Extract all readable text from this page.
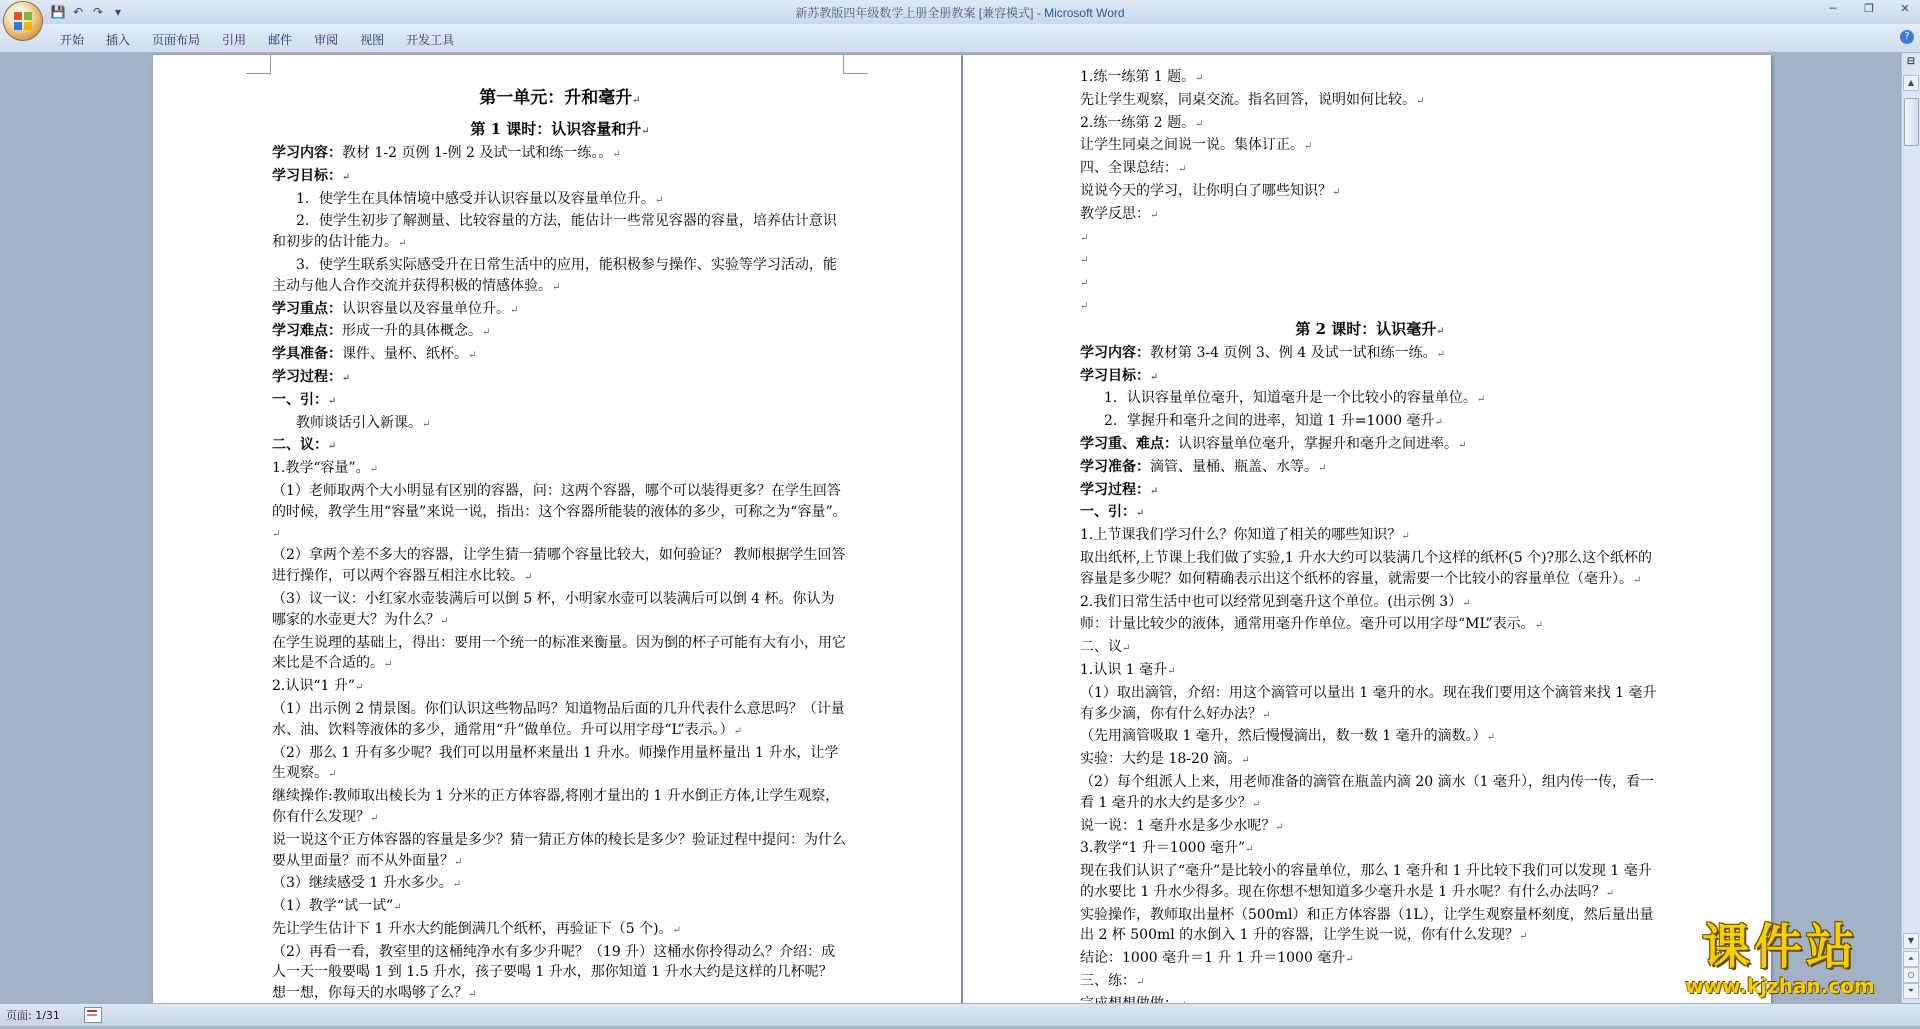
💾 ↶ ↷ ▾	新苏教版四年级数学上册全册教案 [兼容模式] - Microsoft Word	─	❐	✕
开始	插入	页面布局	引用	邮件	审阅	视图	开发工具	?

第一单元：升和毫升↵

第 1 课时：认识容量和升↵

学习内容：教材 1-2 页例 1-例 2 及试一试和练一练。。↵

学习目标：↵

1．使学生在具体情境中感受并认识容量以及容量单位升。↵

2．使学生初步了解测量、比较容量的方法，能估计一些常见容器的容量，培养估计意识和初步的估计能力。↵

3．使学生联系实际感受升在日常生活中的应用，能积极参与操作、实验等学习活动，能主动与他人合作交流并获得积极的情感体验。↵

学习重点：认识容量以及容量单位升。↵

学习难点：形成一升的具体概念。↵

学具准备：课件、量杯、纸杯。↵

学习过程：↵

一、引：↵

教师谈话引入新课。↵

二、议：↵

1.教学“容量”。↵

（1）老师取两个大小明显有区别的容器，问：这两个容器，哪个可以装得更多？在学生回答的时候，教学生用“容量”来说一说，指出：这个容器所能装的液体的多少，可称之为“容量”。↵

（2）拿两个差不多大的容器，让学生猜一猜哪个容量比较大，如何验证？ 教师根据学生回答进行操作，可以两个容器互相注水比较。↵

（3）议一议：小红家水壶装满后可以倒 5 杯，小明家水壶可以装满后可以倒 4 杯。你认为哪家的水壶更大？为什么？↵

在学生说理的基础上，得出：要用一个统一的标准来衡量。因为倒的杯子可能有大有小，用它来比是不合适的。↵

2.认识“1 升”↵

（1）出示例 2 情景图。你们认识这些物品吗？知道物品后面的几升代表什么意思吗？（计量水、油、饮料等液体的多少，通常用“升”做单位。升可以用字母“L”表示。）↵

（2）那么 1 升有多少呢？我们可以用量杯来量出 1 升水。师操作用量杯量出 1 升水，让学生观察。↵

继续操作:教师取出棱长为 1 分米的正方体容器,将刚才量出的 1 升水倒正方体,让学生观察，你有什么发现？↵

说一说这个正方体容器的容量是多少？猜一猜正方体的棱长是多少？验证过程中提问：为什么要从里面量？而不从外面量？↵

（3）继续感受 1 升水多少。↵

（1）教学“试一试”↵

先让学生估计下 1 升水大约能倒满几个纸杯，再验证下（5 个)。↵

（2）再看一看，教室里的这桶纯净水有多少升呢？（19 升）这桶水你拎得动么？介绍：成人一天一般要喝 1 到 1.5 升水，孩子要喝 1 升水，那你知道 1 升水大约是这样的几杯呢？ 想一想，你每天的水喝够了么？↵

1.练一练第 1 题。↵

先让学生观察，同桌交流。指名回答，说明如何比较。↵

2.练一练第 2 题。↵

让学生同桌之间说一说。集体订正。↵

四、全课总结：↵

说说今天的学习，让你明白了哪些知识？↵

教学反思：↵

↵

↵

↵

↵

第 2 课时：认识毫升↵

学习内容：教材第 3-4 页例 3、例 4 及试一试和练一练。↵

学习目标：↵

1．认识容量单位毫升，知道毫升是一个比较小的容量单位。↵

2．掌握升和毫升之间的进率，知道 1 升=1000 毫升↵

学习重、难点：认识容量单位毫升，掌握升和毫升之间进率。↵

学习准备：滴管、量桶、瓶盖、水等。↵

学习过程：↵

一、引：↵

1.上节课我们学习什么？你知道了相关的哪些知识？↵

取出纸杯,上节课上我们做了实验,1 升水大约可以装满几个这样的纸杯(5 个)?那么这个纸杯的容量是多少呢？如何精确表示出这个纸杯的容量，就需要一个比较小的容量单位（毫升）。↵

2.我们日常生活中也可以经常见到毫升这个单位。(出示例 3）↵

师：计量比较少的液体，通常用毫升作单位。毫升可以用字母“ML”表示。↵

二、议↵

1.认识 1 毫升↵

（1）取出滴管，介绍：用这个滴管可以量出 1 毫升的水。现在我们要用这个滴管来找 1 毫升有多少滴，你有什么好办法？↵

（先用滴管吸取 1 毫升，然后慢慢滴出，数一数 1 毫升的滴数。）↵

实验：大约是 18-20 滴。↵

（2）每个组派人上来，用老师准备的滴管在瓶盖内滴 20 滴水（1 毫升），组内传一传，看一看 1 毫升的水大约是多少？↵

说一说：1 毫升水是多少水呢？↵

3.教学“1 升＝1000 毫升”↵

现在我们认识了“毫升”是比较小的容量单位，那么 1 毫升和 1 升比较下我们可以发现 1 毫升的水要比 1 升水少得多。现在你想不想知道多少毫升水是 1 升水呢？有什么办法吗？↵

实验操作，教师取出量杯（500ml）和正方体容器（1L），让学生观察量杯刻度，然后量出量出 2 杯 500ml 的水倒入 1 升的容器，让学生说一说，你有什么发现？↵

结论：1000 毫升＝1 升 1 升＝1000 毫升↵

三、练：↵

⊟
▲
▼
⏶
○
⏷
页面: 1/31
课件站
www.kjzhan.com
